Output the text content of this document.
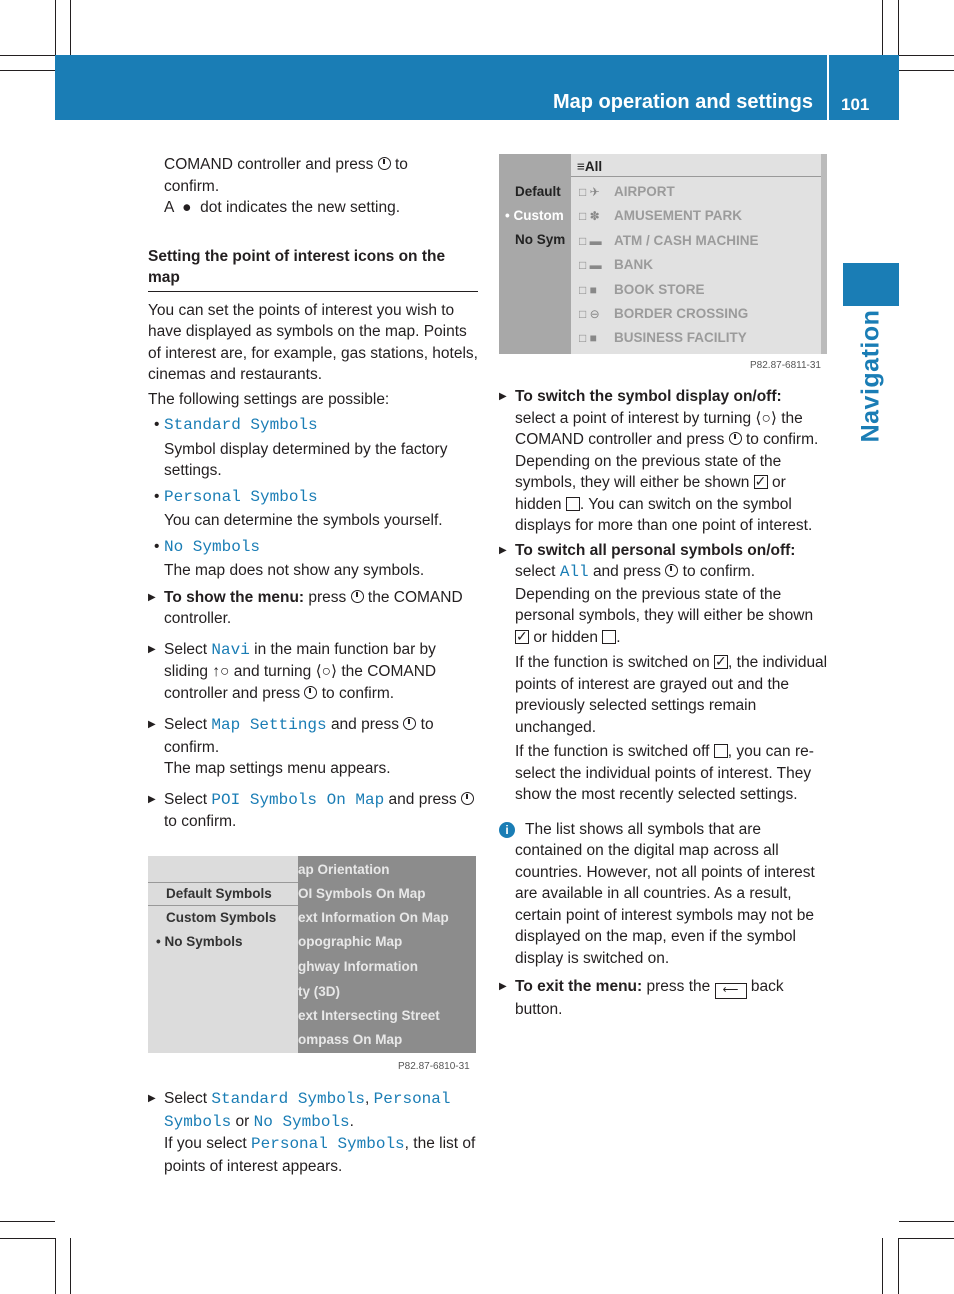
Map operation and settings 101
Navigation

COMAND controller and press to
confirm.
A ● dot indicates the new setting.

Setting the point of interest icons on the map

You can set the points of interest you wish to have displayed as symbols on the map. Points of interest are, for example, gas stations, hotels, cinemas and restaurants.

The following settings are possible:

• Standard Symbols

Symbol display determined by the factory settings.

• Personal Symbols

You can determine the symbols yourself.

• No Symbols

The map does not show any symbols.

▶ To show the menu: press the COMAND controller.

▶ Select Navi in the main function bar by sliding ↑○ and turning ⟨○⟩ the COMAND controller and press to confirm.

▶ Select Map Settings and press to confirm.
The map settings menu appears.

▶ Select POI Symbols On Map and press  to confirm.

Default Symbols
Custom Symbols
• No Symbols
ap Orientation
OI Symbols On Map
ext Information On Map
opographic Map
ghway Information
ty (3D)
ext Intersecting Street
ompass On Map
P82.87-6810-31

▶ Select Standard Symbols, Personal Symbols or No Symbols.
If you select Personal Symbols, the list of points of interest appears.

Default
• Custom
No Sym
≡All
AIRPORT
AMUSEMENT PARK
ATM / CASH MACHINE
BANK
BOOK STORE
BORDER CROSSING
BUSINESS FACILITY
□ ✈
□ ✽
□ ▬
□ ▬
□ ■
□ ⊖
□ ■
P82.87-6811-31

▶ To switch the symbol display on/off:
select a point of interest by turning ⟨○⟩ the COMAND controller and press to confirm.
Depending on the previous state of the symbols, they will either be shown ✓ or hidden . You can switch on the symbol displays for more than one point of interest.

▶ To switch all personal symbols on/off:
select All and press to confirm.
Depending on the previous state of the personal symbols, they will either be shown ✓ or hidden .

If the function is switched on ✓ , the individual points of interest are grayed out and the previously selected settings remain unchanged.

If the function is switched off , you can re-select the individual points of interest. They show the most recently selected settings.

i	The list shows all symbols that are contained on the digital map across all countries. However, not all points of interest are available in all countries. As a result, certain point of interest symbols may not be displayed on the map, even if the symbol display is switched on.

▶ To exit the menu: press the ⟵ back button.
